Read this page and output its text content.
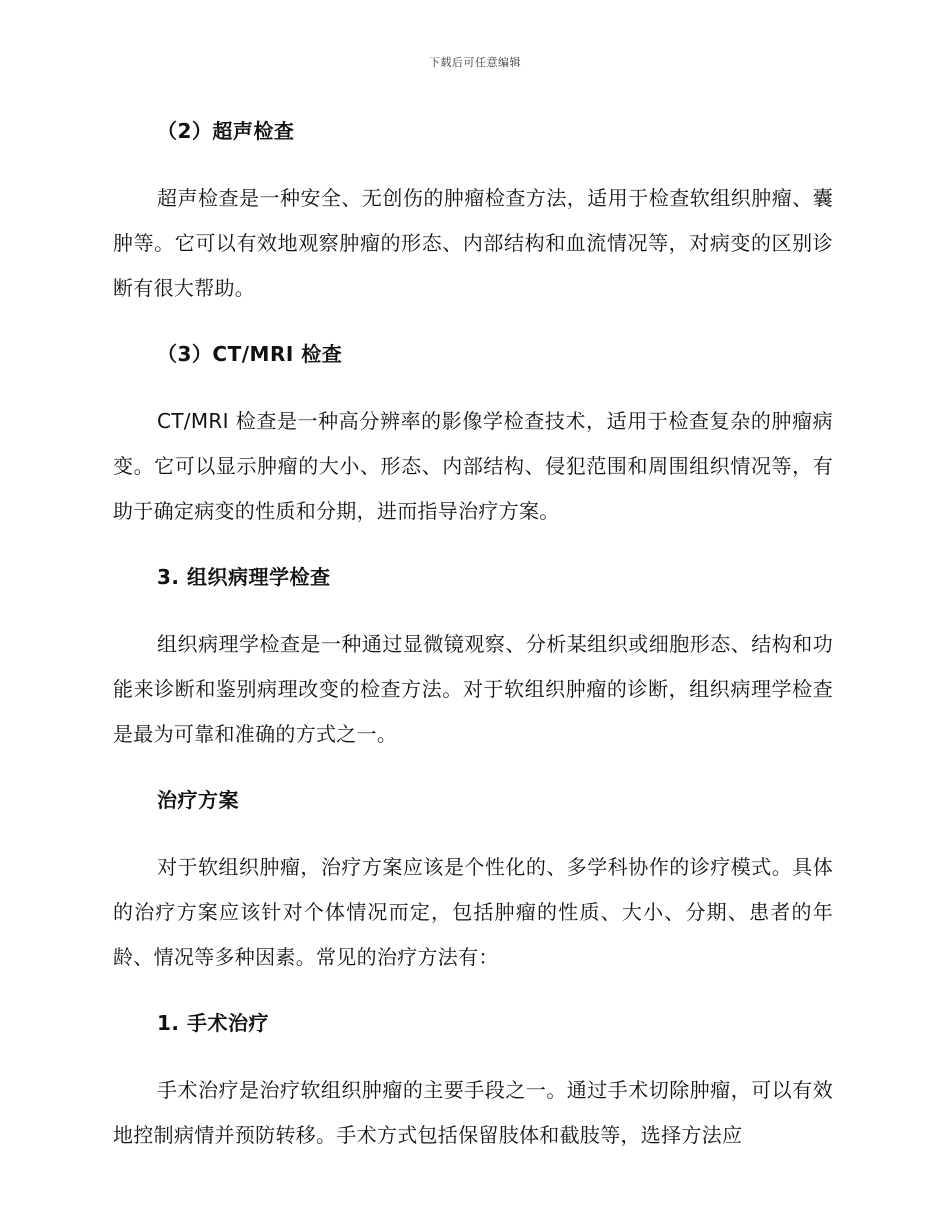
下载后可任意编辑

（2）超声检查

超声检查是一种安全、无创伤的肿瘤检查方法，适用于检查软组织肿瘤、囊肿等。它可以有效地观察肿瘤的形态、内部结构和血流情况等，对病变的区别诊断有很大帮助。

（3）CT/MRI 检查

CT/MRI 检查是一种高分辨率的影像学检查技术，适用于检查复杂的肿瘤病变。它可以显示肿瘤的大小、形态、内部结构、侵犯范围和周围组织情况等，有助于确定病变的性质和分期，进而指导治疗方案。

3. 组织病理学检查

组织病理学检查是一种通过显微镜观察、分析某组织或细胞形态、结构和功能来诊断和鉴别病理改变的检查方法。对于软组织肿瘤的诊断，组织病理学检查是最为可靠和准确的方式之一。

治疗方案

对于软组织肿瘤，治疗方案应该是个性化的、多学科协作的诊疗模式。具体的治疗方案应该针对个体情况而定，包括肿瘤的性质、大小、分期、患者的年龄、情况等多种因素。常见的治疗方法有：

1. 手术治疗

手术治疗是治疗软组织肿瘤的主要手段之一。通过手术切除肿瘤，可以有效地控制病情并预防转移。手术方式包括保留肢体和截肢等，选择方法应
